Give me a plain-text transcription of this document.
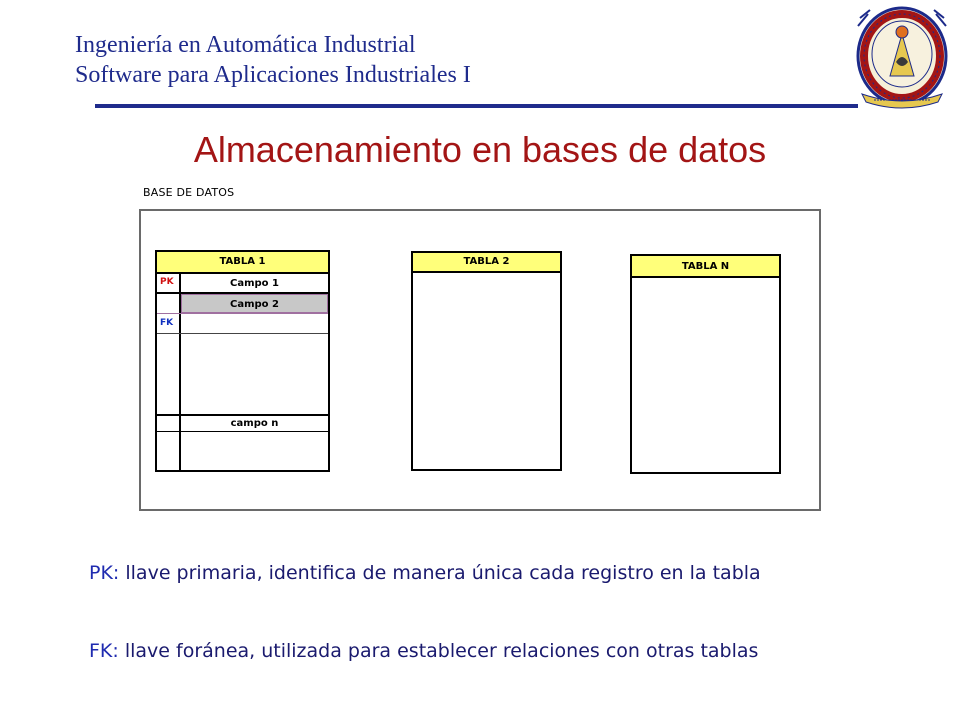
Ingeniería en Automática Industrial
Software para Aplicaciones Industriales I
Almacenamiento en bases de datos
BASE DE DATOS
TABLA 1
PK	Campo 1
Campo 2
FK
campo n
TABLA 2	TABLA N
PK: llave primaria, identifica de manera única cada registro en la tabla
FK: llave foránea, utilizada para establecer relaciones con otras tablas
